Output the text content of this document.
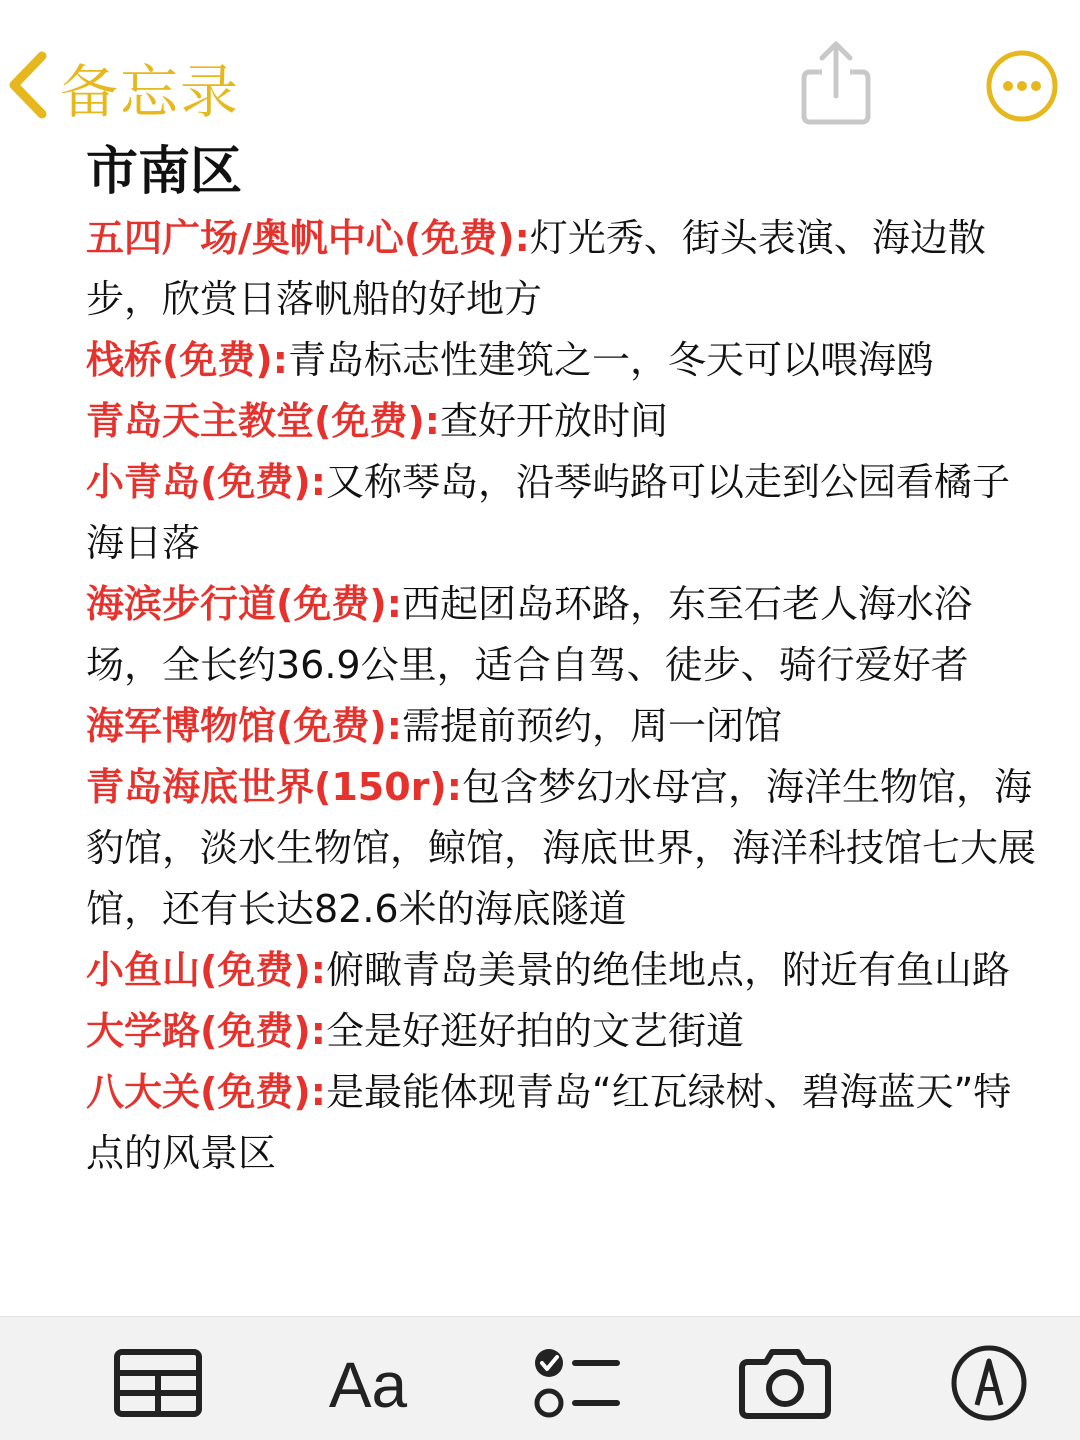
备忘录
市南区

五四广场/奥帆中心(免费):灯光秀、街头表演、海边散步，欣赏日落帆船的好地方

栈桥(免费):青岛标志性建筑之一，冬天可以喂海鸥

青岛天主教堂(免费):查好开放时间

小青岛(免费):又称琴岛，沿琴屿路可以走到公园看橘子海日落

海滨步行道(免费):西起团岛环路，东至石老人海水浴场，全长约36.9公里，适合自驾、徒步、骑行爱好者

海军博物馆(免费):需提前预约，周一闭馆

青岛海底世界(150r):包含梦幻水母宫，海洋生物馆，海豹馆，淡水生物馆，鲸馆，海底世界，海洋科技馆七大展馆，还有长达82.6米的海底隧道

小鱼山(免费):俯瞰青岛美景的绝佳地点，附近有鱼山路

大学路(免费):全是好逛好拍的文艺街道

八大关(免费):是最能体现青岛“红瓦绿树、碧海蓝天”特点的风景区

Aa
